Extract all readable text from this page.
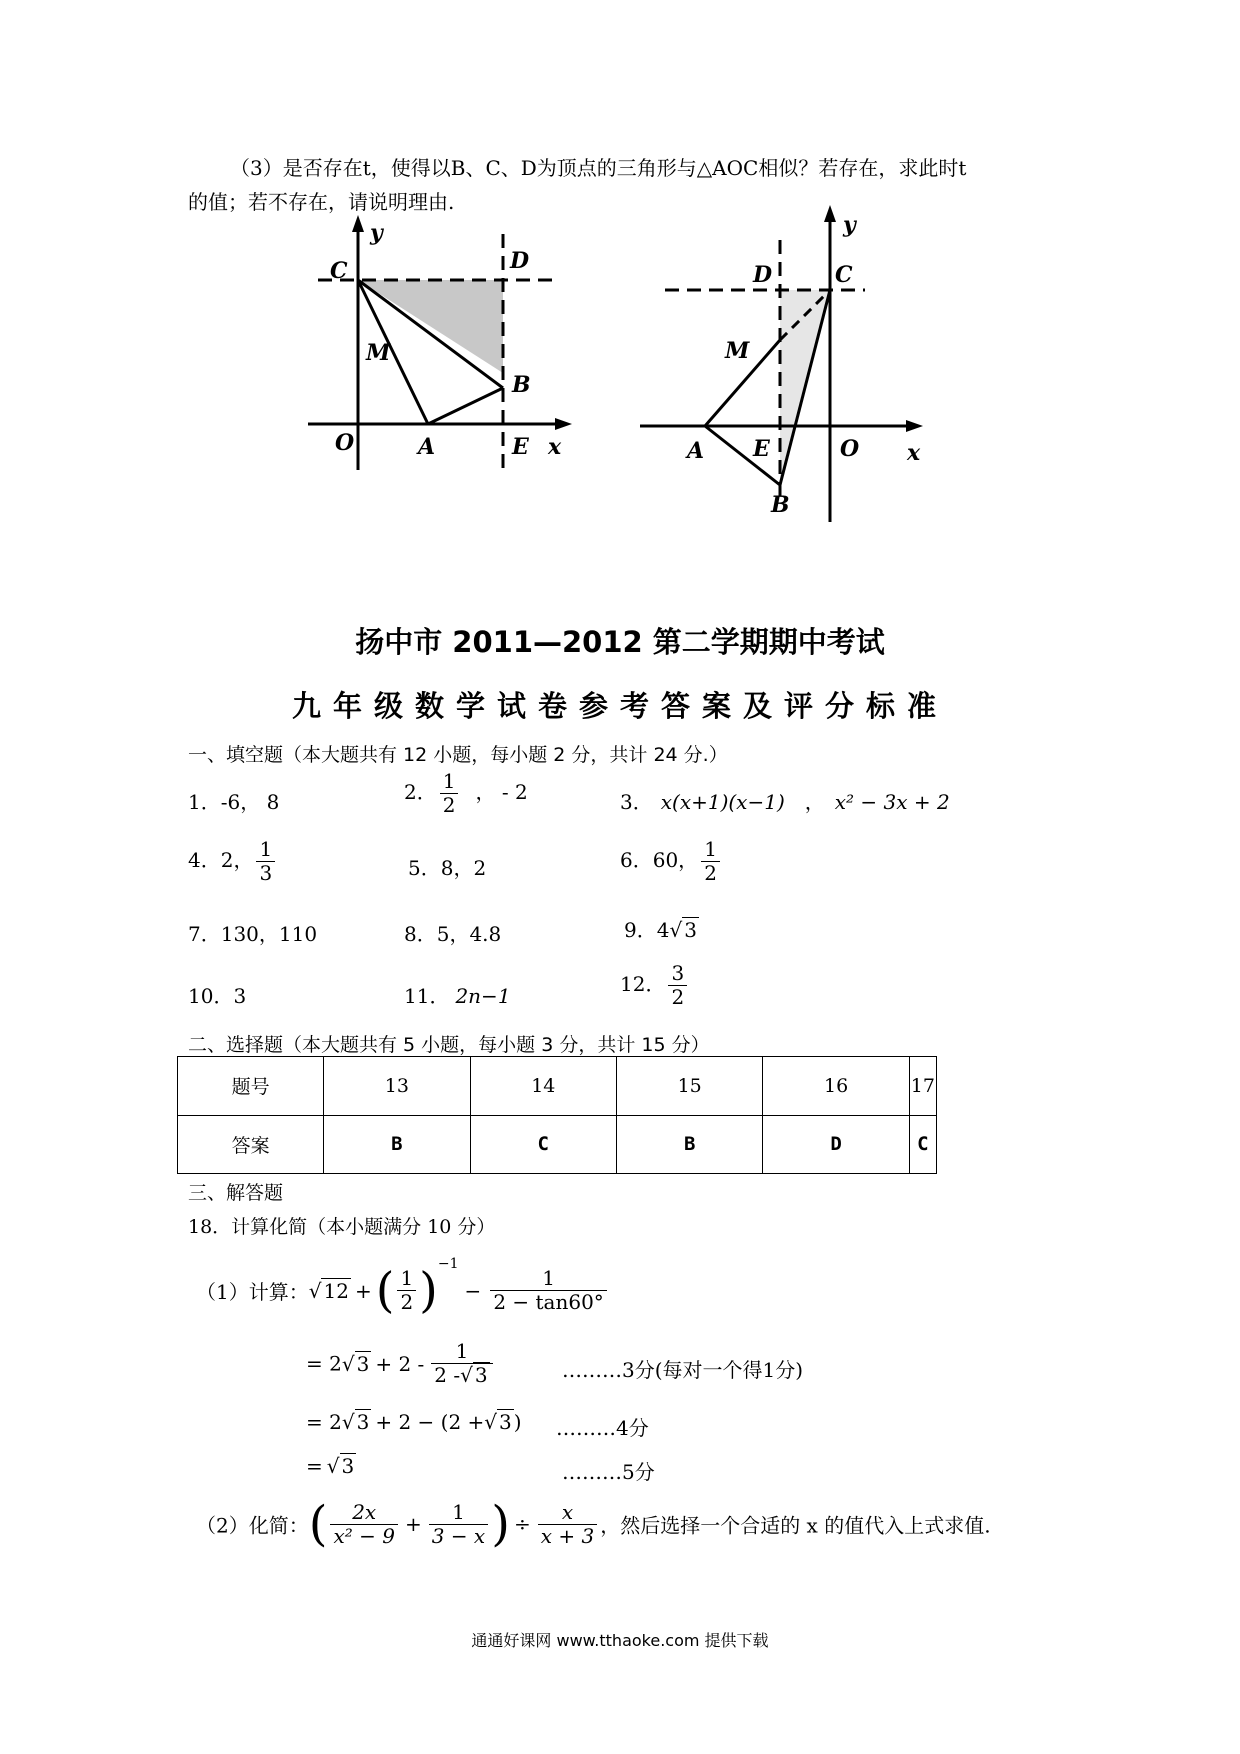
（3）是否存在t，使得以B、C、D为顶点的三角形与△AOC相似？若存在，求此时t
的值；若不存在，请说明理由.
y
C	D
M
B
O	A	E x
y
D	C
M
A E	O x
B
扬中市 2011—2012 第二学期期中考试
九年级数学试卷参考答案及评分标准
一、填空题（本大题共有 12 小题，每小题 2 分，共计 24 分.）
1．-6， 8	2． $\frac{1}{2}$ ， - 2	3． x(x+1)(x−1) ， x² − 3x + 2
4．2， $\frac{1}{3}$	5．8，2	6．60， $\frac{1}{2}$
7．130，110	8．5，4.8	9．4√ 3
10．3	11． 2n−1	12． $\frac{3}{2}$
二、选择题（本大题共有 5 小题，每小题 3 分，共计 15 分）
题号	13	14	15	16	17
答案	B	C	B	D	C
三、解答题
18．计算化简（本小题满分 10 分）
（1）计算：√ 12 +( $\frac{1}{2} )^{-1}- \frac{1}{2 - \tan 60^\circ}$
= 2√ $3 + 2 - \frac{1}{2 -√ 3}$	………3分(每对一个得1分)
= 2√ 3 + 2 − (2 +√ 3 ) ………4分
= √ 3	………5分
（2）化简：( $\frac{2x}{\text{x² − 9}} + \frac{1}{3 - x}$ ) ÷ $\frac{x}{x + 3}$ ，然后选择一个合适的 x 的值代入上式求值.
通通好课网 www.tthaoke.com 提供下载
